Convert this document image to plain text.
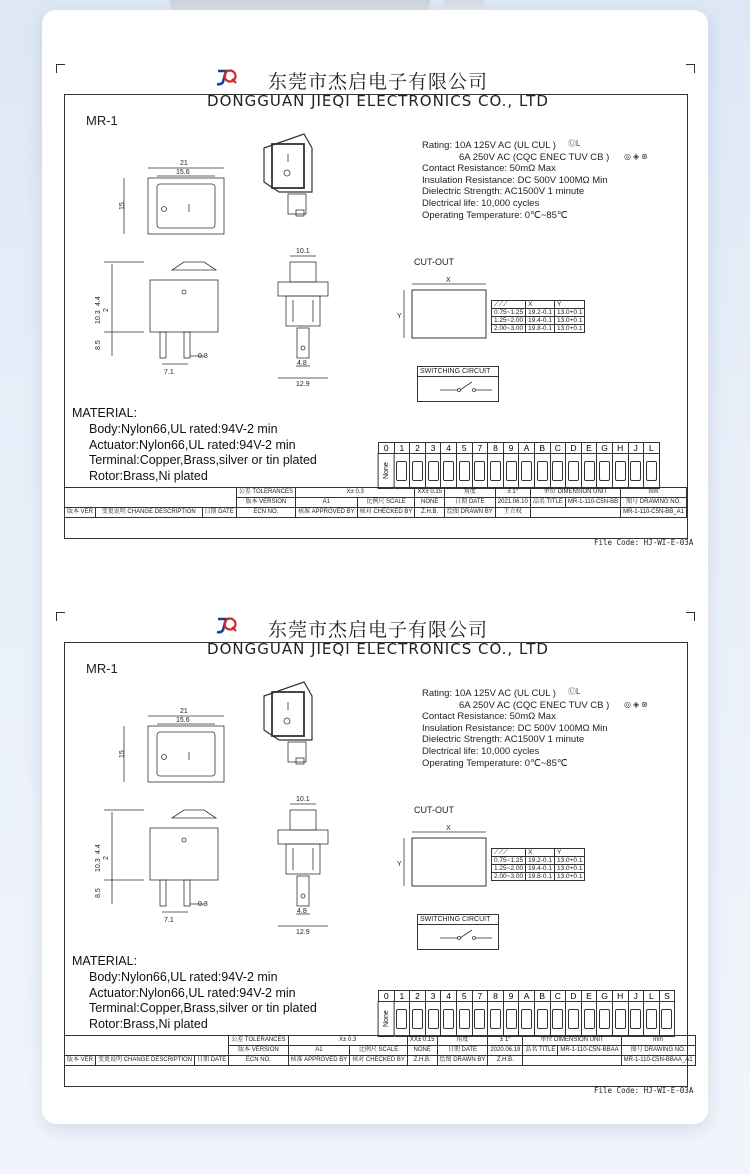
东莞市杰启电子有限公司
DONGGUAN JIEQI ELECTRONICS CO., LTD
MR-1
21
15.6
15
10.1
4.4
2
10.3
8.5
0.8
7.1
4.8
12.9
X
Y
Rating: 10A 125V AC (UL CUL )
6A 250V AC (CQC ENEC TUV CB )
Contact Resistance: 50mΩ Max
Insulation Resistance: DC 500V 100MΩ Min
Dielectric Strength: AC1500V 1 minute
Dlectrical life: 10,000 cycles
Operating Temperature: 0℃~85℃
ⓊL
◎◈⊛
CUT-OUT
⟋⟋⟋	X	Y
0.75~1.25	19.2-0.1	13.0+0.1
1.25~2.00	19.4-0.1	13.0+0.1
2.00~3.00	19.8-0.1	13.0+0.1
SWITCHING CIRCUIT
MATERIAL:
Body:Nylon66,UL rated:94V-2 min
Actuator:Nylon66,UL rated:94V-2 min
Terminal:Copper,Brass,silver or tin plated
Rotor:Brass,Ni plated
0	1	2	3	4	5	7	8	9	A	B	C	D	E	G	H	J	L
None
			公差 TOLERANCES	X± 0.3		XX± 0.15	角度	± 1°	单位 DIMENSION UNIT		mm
			版本 VERSION	A1	比例尺 SCALE	NONE	日期 DATE	2021.06.10	品名 TITLE	MR-1-110-C5N-BB	图号 DRAWING NO.
版本 VER	变更说明 CHANGE DESCRIPTION	日期 DATE	ECN NO.	核准 APPROVED BY	核对 CHECKED BY	Z.H.B.	绘图 DRAWN BY	王立权			MR-1-110-C5N-BB_A1
File Code: HJ-WI-E-03A
东莞市杰启电子有限公司
DONGGUAN JIEQI ELECTRONICS CO., LTD
MR-1
21
15.6
15
10.1
4.4
2
10.3
8.5
0.8
7.1
4.8
12.9
X
Y
Rating: 10A 125V AC (UL CUL )
6A 250V AC (CQC ENEC TUV CB )
Contact Resistance: 50mΩ Max
Insulation Resistance: DC 500V 100MΩ Min
Dielectric Strength: AC1500V 1 minute
Dlectrical life: 10,000 cycles
Operating Temperature: 0℃~85℃
ⓊL
◎◈⊛
CUT-OUT
⟋⟋⟋	X	Y
0.75~1.25	19.2-0.1	13.0+0.1
1.25~2.00	19.4-0.1	13.0+0.1
2.00~3.00	19.8-0.1	13.0+0.1
SWITCHING CIRCUIT
MATERIAL:
Body:Nylon66,UL rated:94V-2 min
Actuator:Nylon66,UL rated:94V-2 min
Terminal:Copper,Brass,silver or tin plated
Rotor:Brass,Ni plated
0	1	2	3	4	5	7	8	9	A	B	C	D	E	G	H	J	L	S
None
			公差 TOLERANCES	X± 0.3		XX± 0.15	角度	± 1°	单位 DIMENSION UNIT		mm
			版本 VERSION	A1	比例尺 SCALE	NONE	日期 DATE	2020.06.19	品名 TITLE	MR-1-110-C5N-BBAA	图号 DRAWING NO.
版本 VER	变更说明 CHANGE DESCRIPTION	日期 DATE	ECN NO.	核准 APPROVED BY	核对 CHECKED BY	Z.H.B.	绘图 DRAWN BY	Z.H.B.			MR-1-110-C5N-BBAA_A1
File Code: HJ-WI-E-03A
